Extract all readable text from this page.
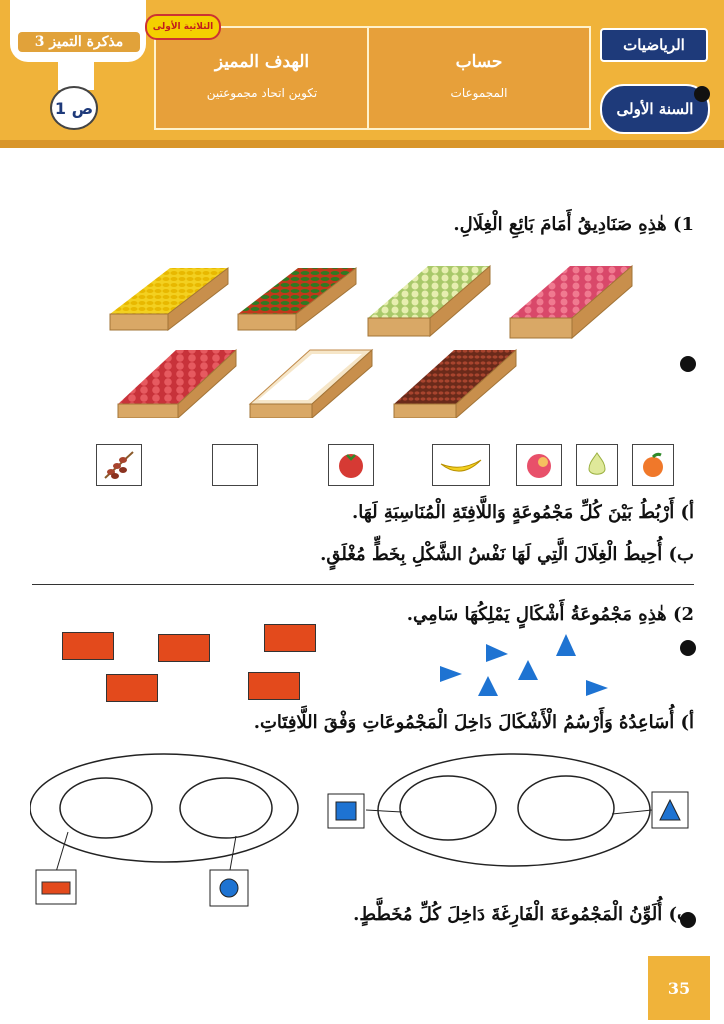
مذكرة التميز 3
ص 1
الهدف المميز
تكوين اتحاد مجموعتين
حساب
المجموعات
الثلاثية الأولى
الرياضيات
السنة الأولى
1) هٰذِهِ صَنَادِيقُ أَمَامَ بَائِعِ الْغِلَالِ.
أ) أَرْبُطُ بَيْنَ كُلِّ مَجْمُوعَةٍ وَاللَّافِتَةِ الْمُنَاسِبَةِ لَهَا.
ب) أُحِيطُ الْغِلَالَ الَّتِي لَهَا نَفْسُ الشَّكْلِ بِخَطٍّ مُغْلَقٍ.
2) هٰذِهِ مَجْمُوعَةُ أَشْكَالٍ يَمْلِكُهَا سَامِي.
أ) أُسَاعِدُهُ وَأَرْسُمُ الْأَشْكَالَ دَاخِلَ الْمَجْمُوعَاتِ وَفْقَ اللَّافِتَاتِ.
ب) أُلَوِّنُ الْمَجْمُوعَةَ الْفَارِغَةَ دَاخِلَ كُلِّ مُخَطَّطٍ.
35
